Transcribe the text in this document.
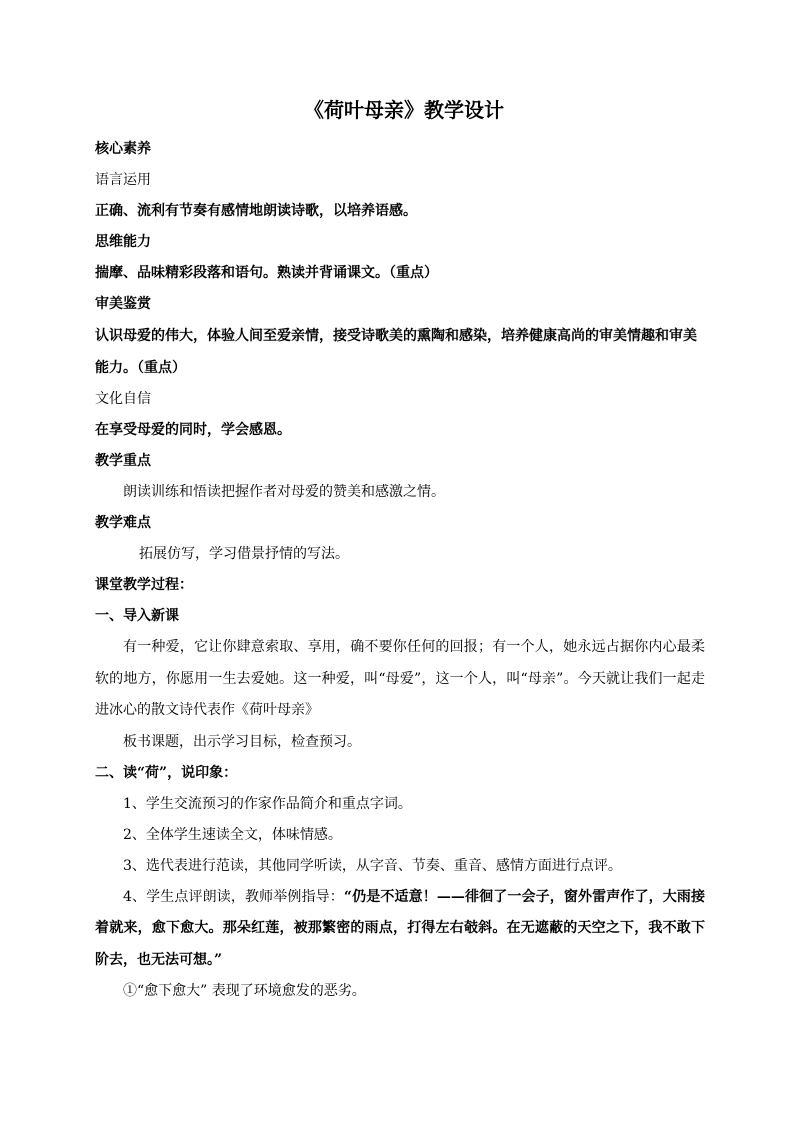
《荷叶母亲》教学设计

核心素养

语言运用

正确、流利有节奏有感情地朗读诗歌，以培养语感。

思维能力

揣摩、品味精彩段落和语句。熟读并背诵课文。（重点）

审美鉴赏

认识母爱的伟大，体验人间至爱亲情，接受诗歌美的熏陶和感染，培养健康高尚的审美情趣和审美能力。（重点）

文化自信

在享受母爱的同时，学会感恩。

教学重点

朗读训练和悟读把握作者对母爱的赞美和感激之情。

教学难点

拓展仿写，学习借景抒情的写法。

课堂教学过程：

一、导入新课

有一种爱，它让你肆意索取、享用，确不要你任何的回报；有一个人，她永远占据你内心最柔软的地方，你愿用一生去爱她。这一种爱，叫“母爱”，这一个人，叫“母亲”。今天就让我们一起走进冰心的散文诗代表作《荷叶母亲》

板书课题，出示学习目标，检查预习。

二、读“荷”，说印象：

1、学生交流预习的作家作品简介和重点字词。

2、全体学生速读全文，体味情感。

3、选代表进行范读，其他同学听读，从字音、节奏、重音、感情方面进行点评。

4、学生点评朗读，教师举例指导：“仍是不适意！——徘徊了一会子，窗外雷声作了，大雨接着就来，愈下愈大。那朵红莲，被那繁密的雨点，打得左右攲斜。在无遮蔽的天空之下，我不敢下阶去，也无法可想。”

①“愈下愈大” 表现了环境愈发的恶劣。
